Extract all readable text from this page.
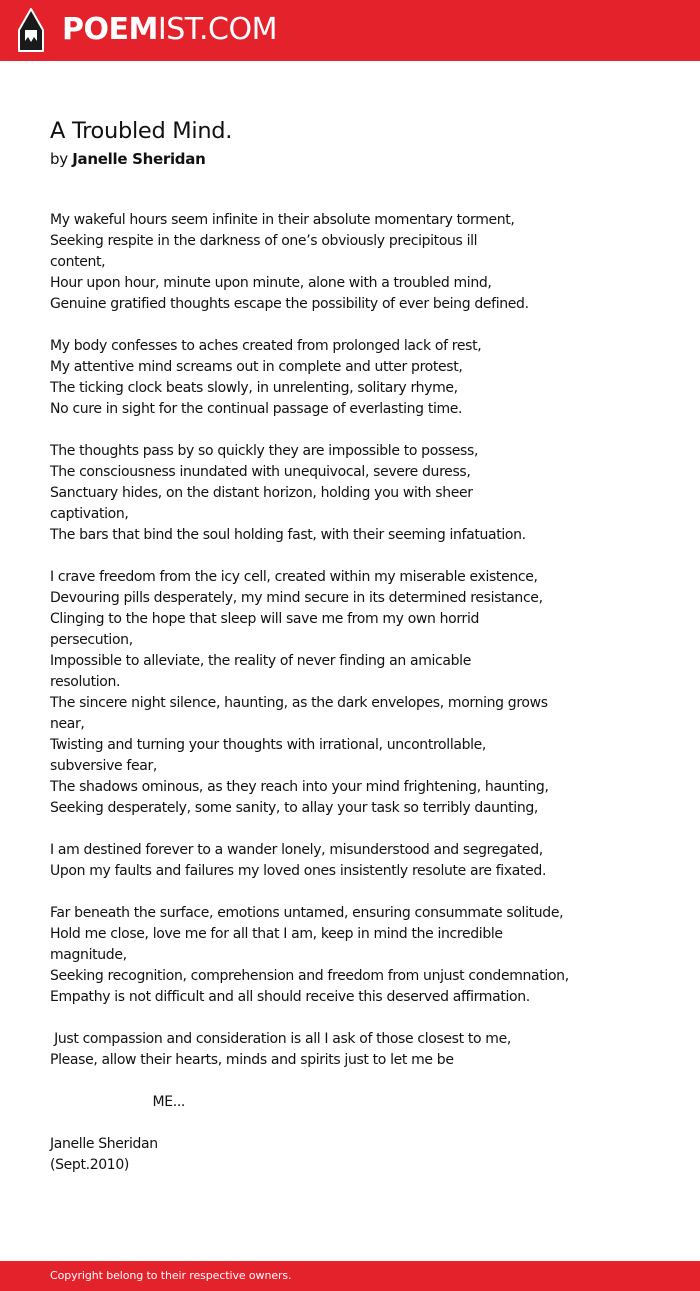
POEMIST.COM
A Troubled Mind.
by Janelle Sheridan
My wakeful hours seem infinite in their absolute momentary torment,
Seeking respite in the darkness of one’s obviously precipitous ill
content,
Hour upon hour, minute upon minute, alone with a troubled mind,
Genuine gratified thoughts escape the possibility of ever being defined.
My body confesses to aches created from prolonged lack of rest,
My attentive mind screams out in complete and utter protest,
The ticking clock beats slowly, in unrelenting, solitary rhyme,
No cure in sight for the continual passage of everlasting time.
The thoughts pass by so quickly they are impossible to possess,
The consciousness inundated with unequivocal, severe duress,
Sanctuary hides, on the distant horizon, holding you with sheer
captivation,
The bars that bind the soul holding fast, with their seeming infatuation.
I crave freedom from the icy cell, created within my miserable existence,
Devouring pills desperately, my mind secure in its determined resistance,
Clinging to the hope that sleep will save me from my own horrid
persecution,
Impossible to alleviate, the reality of never finding an amicable
resolution.
The sincere night silence, haunting, as the dark envelopes, morning grows
near,
Twisting and turning your thoughts with irrational, uncontrollable,
subversive fear,
The shadows ominous, as they reach into your mind frightening, haunting,
Seeking desperately, some sanity, to allay your task so terribly daunting,
I am destined forever to a wander lonely, misunderstood and segregated,
Upon my faults and failures my loved ones insistently resolute are fixated.
Far beneath the surface, emotions untamed, ensuring consummate solitude,
Hold me close, love me for all that I am, keep in mind the incredible
magnitude,
Seeking recognition, comprehension and freedom from unjust condemnation,
Empathy is not difficult and all should receive this deserved affirmation.
Just compassion and consideration is all I ask of those closest to me,
Please, allow their hearts, minds and spirits just to let me be
ME...
Janelle Sheridan
(Sept.2010)
Copyright belong to their respective owners.
